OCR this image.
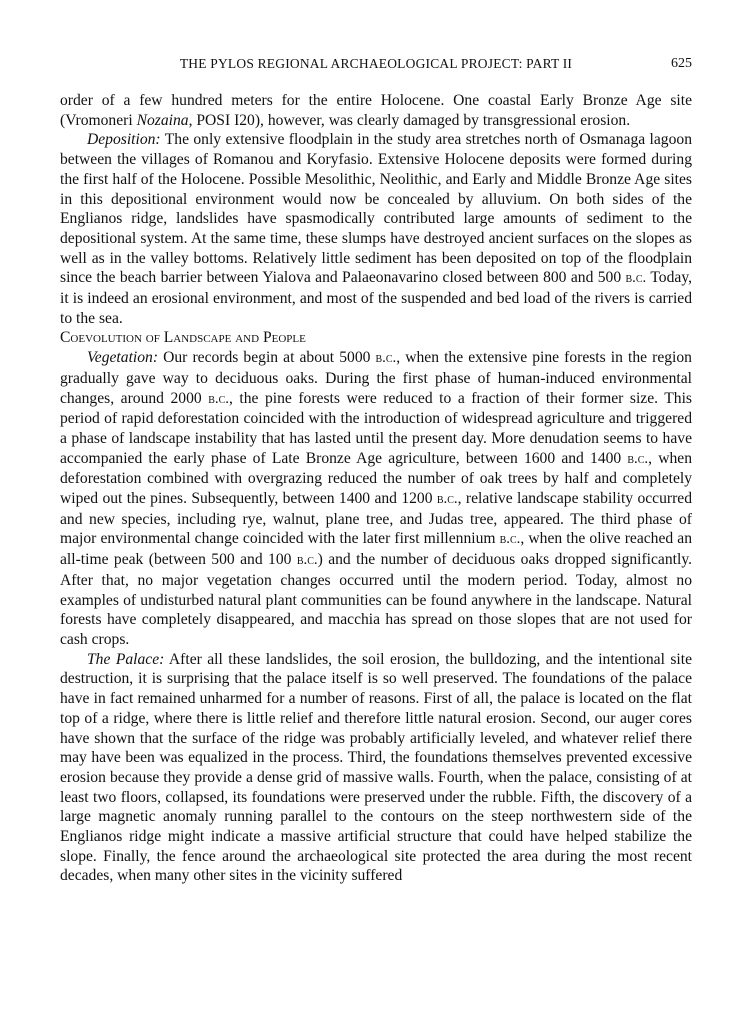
THE PYLOS REGIONAL ARCHAEOLOGICAL PROJECT: PART II	625

order of a few hundred meters for the entire Holocene. One coastal Early Bronze Age site (Vromoneri Nozaina, POSI I20), however, was clearly damaged by transgressional erosion.

Deposition: The only extensive floodplain in the study area stretches north of Osmanaga lagoon between the villages of Romanou and Koryfasio. Extensive Holocene deposits were formed during the first half of the Holocene. Possible Mesolithic, Neolithic, and Early and Middle Bronze Age sites in this depositional environment would now be concealed by alluvium. On both sides of the Englianos ridge, landslides have spasmodically contributed large amounts of sediment to the depositional system. At the same time, these slumps have destroyed ancient surfaces on the slopes as well as in the valley bottoms. Relatively little sediment has been deposited on top of the floodplain since the beach barrier between Yialova and Palaeonavarino closed between 800 and 500 b.c. Today, it is indeed an erosional environment, and most of the suspended and bed load of the rivers is carried to the sea.

Coevolution of Landscape and People

Vegetation: Our records begin at about 5000 b.c., when the extensive pine forests in the region gradually gave way to deciduous oaks. During the first phase of human-induced environmental changes, around 2000 b.c., the pine forests were reduced to a fraction of their former size. This period of rapid deforestation coincided with the introduction of widespread agriculture and triggered a phase of landscape instability that has lasted until the present day. More denudation seems to have accompanied the early phase of Late Bronze Age agriculture, between 1600 and 1400 b.c., when deforestation combined with overgrazing reduced the number of oak trees by half and completely wiped out the pines. Subsequently, between 1400 and 1200 b.c., relative landscape stability occurred and new species, including rye, walnut, plane tree, and Judas tree, appeared. The third phase of major environmental change coincided with the later first millennium b.c., when the olive reached an all-time peak (between 500 and 100 b.c.) and the number of deciduous oaks dropped significantly. After that, no major vegetation changes occurred until the modern period. Today, almost no examples of undisturbed natural plant communities can be found anywhere in the landscape. Natural forests have completely disappeared, and macchia has spread on those slopes that are not used for cash crops.

The Palace: After all these landslides, the soil erosion, the bulldozing, and the intentional site destruction, it is surprising that the palace itself is so well preserved. The foundations of the palace have in fact remained unharmed for a number of reasons. First of all, the palace is located on the flat top of a ridge, where there is little relief and therefore little natural erosion. Second, our auger cores have shown that the surface of the ridge was probably artificially leveled, and whatever relief there may have been was equalized in the process. Third, the foundations themselves prevented excessive erosion because they provide a dense grid of massive walls. Fourth, when the palace, consisting of at least two floors, collapsed, its foundations were preserved under the rubble. Fifth, the discovery of a large magnetic anomaly running parallel to the contours on the steep northwestern side of the Englianos ridge might indicate a massive artificial structure that could have helped stabilize the slope. Finally, the fence around the archaeological site protected the area during the most recent decades, when many other sites in the vicinity suffered
